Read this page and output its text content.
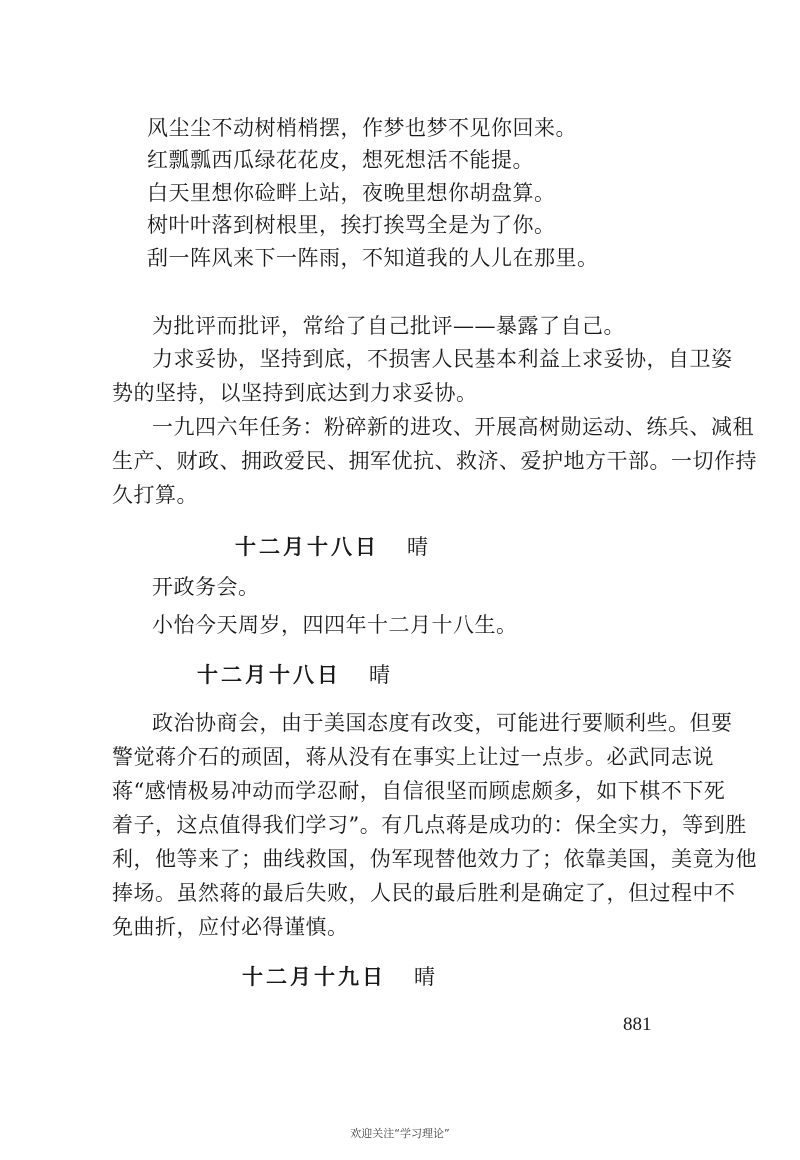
风尘尘不动树梢梢摆，作梦也梦不见你回来。
红瓢瓢西瓜绿花花皮，想死想活不能提。
白天里想你硷畔上站，夜晚里想你胡盘算。
树叶叶落到树根里，挨打挨骂全是为了你。
刮一阵风来下一阵雨，不知道我的人儿在那里。
为批评而批评，常给了自己批评——暴露了自己。
力求妥协，坚持到底，不损害人民基本利益上求妥协，自卫姿
势的坚持，以坚持到底达到力求妥协。
一九四六年任务：粉碎新的进攻、开展高树勋运动、练兵、减租
生产、财政、拥政爱民、拥军优抗、救济、爱护地方干部。一切作持
久打算。
十二月十八日 晴
开政务会。
小怡今天周岁，四四年十二月十八生。
十二月十八日 晴
政治协商会，由于美国态度有改变，可能进行要顺利些。但要
警觉蒋介石的顽固，蒋从没有在事实上让过一点步。必武同志说
蒋“感情极易冲动而学忍耐，自信很坚而顾虑颇多，如下棋不下死
着子，这点值得我们学习”。有几点蒋是成功的：保全实力，等到胜
利，他等来了；曲线救国，伪军现替他效力了；依靠美国，美竟为他
捧场。虽然蒋的最后失败，人民的最后胜利是确定了，但过程中不
免曲折，应付必得谨慎。
十二月十九日 晴
881
欢迎关注“学习理论”
